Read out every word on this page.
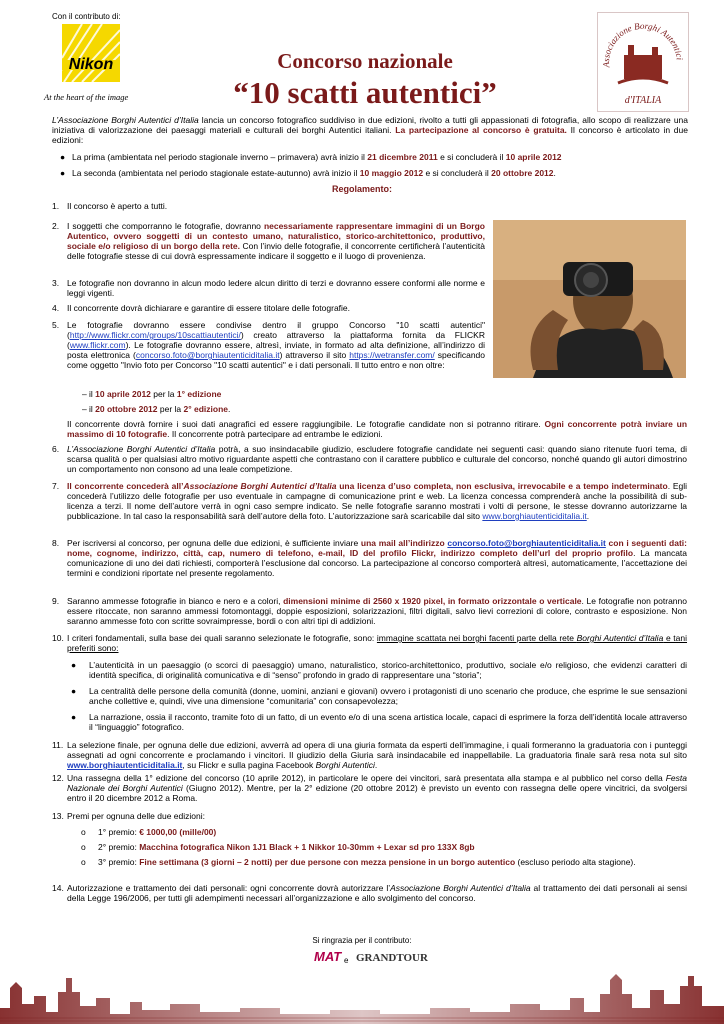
Con il contributo di:
Nikon
At the heart of the image
Concorso nazionale
“10 scatti autentici”
Associazione Borghi Autentici
d'ITALIA
L’Associazione Borghi Autentici d’Italia lancia un concorso fotografico suddiviso in due edizioni, rivolto a tutti gli appassionati di fotografia, allo scopo di realizzare una iniziativa di valorizzazione dei paesaggi materiali e culturali dei borghi Autentici italiani. La partecipazione al concorso è gratuita. Il concorso è articolato in due edizioni:
● La prima (ambientata nel periodo stagionale inverno – primavera) avrà inizio il 21 dicembre 2011 e si concluderà il 10 aprile 2012
● La seconda (ambientata nel periodo stagionale estate-autunno) avrà inizio il 10 maggio 2012 e si concluderà il 20 ottobre 2012.
Regolamento:
1. Il concorso è aperto a tutti.
2. I soggetti che comporranno le fotografie, dovranno necessariamente rappresentare immagini di un Borgo Autentico, ovvero soggetti di un contesto umano, naturalistico, storico-architettonico, produttivo, sociale e/o religioso di un borgo della rete. Con l’invio delle fotografie, il concorrente certificherà l’autenticità delle fotografie stesse di cui dovrà espressamente indicare il soggetto e il luogo di provenienza.
3. Le fotografie non dovranno in alcun modo ledere alcun diritto di terzi e dovranno essere conformi alle norme e leggi vigenti.
4. Il concorrente dovrà dichiarare e garantire di essere titolare delle fotografie.
5. Le fotografie dovranno essere condivise dentro il gruppo Concorso "10 scatti autentici" (http://www.flickr.com/groups/10scattiautentici/) creato attraverso la piattaforma fornita da FLICKR (www.flickr.com). Le fotografie dovranno essere, altresì, inviate, in formato ad alta definizione, all’indirizzo di posta elettronica (concorso.foto@borghiautenticiditalia.it) attraverso il sito https://wetransfer.com/ specificando come oggetto "Invio foto per Concorso "10 scatti autentici" e i dati personali. Il tutto entro e non oltre:
– il 10 aprile 2012 per la 1° edizione
– il 20 ottobre 2012 per la 2° edizione.
Il concorrente dovrà fornire i suoi dati anagrafici ed essere raggiungibile. Le fotografie candidate non si potranno ritirare. Ogni concorrente potrà inviare un massimo di 10 fotografie. Il concorrente potrà partecipare ad entrambe le edizioni.
6. L’Associazione Borghi Autentici d’Italia potrà, a suo insindacabile giudizio, escludere fotografie candidate nei seguenti casi: quando siano ritenute fuori tema, di scarsa qualità o per qualsiasi altro motivo riguardante aspetti che contrastano con il carattere pubblico e culturale del concorso, nonché quando gli autori dimostrino un comportamento non consono ad una leale competizione.
7. Il concorrente concederà all’Associazione Borghi Autentici d’Italia una licenza d’uso completa, non esclusiva, irrevocabile e a tempo indeterminato. Egli concederà l’utilizzo delle fotografie per uso eventuale in campagne di comunicazione print e web. La licenza concessa comprenderà anche la possibilità di sub-licenza a terzi. Il nome dell’autore verrà in ogni caso sempre indicato. Se nelle fotografie saranno mostrati i volti di persone, le stesse dovranno autorizzarne la pubblicazione. In tal caso la responsabilità sarà dell’autore della foto. L’autorizzazione sarà scaricabile dal sito www.borghiautenticiditalia.it.
8. Per iscriversi al concorso, per ognuna delle due edizioni, è sufficiente inviare una mail all’indirizzo concorso.foto@borghiautenticiditalia.it con i seguenti dati: nome, cognome, indirizzo, città, cap, numero di telefono, e-mail, ID del profilo Flickr, indirizzo completo dell’url del proprio profilo. La mancata comunicazione di uno dei dati richiesti, comporterà l’esclusione dal concorso. La partecipazione al concorso comporterà altresì, automaticamente, l’accettazione dei termini e condizioni riportate nel presente regolamento.
9. Saranno ammesse fotografie in bianco e nero e a colori, dimensioni minime di 2560 x 1920 pixel, in formato orizzontale o verticale. Le fotografie non potranno essere ritoccate, non saranno ammessi fotomontaggi, doppie esposizioni, solarizzazioni, filtri digitali, salvo lievi correzioni di colore, contrasto e esposizione. Non saranno ammesse foto con scritte sovraimpresse, bordi o con altri tipi di addizioni.
10. I criteri fondamentali, sulla base dei quali saranno selezionate le fotografie, sono: immagine scattata nei borghi facenti parte della rete Borghi Autentici d’Italia e tani preferiti sono:
● L’autenticità in un paesaggio (o scorci di paesaggio) umano, naturalistico, storico-architettonico, produttivo, sociale e/o religioso, che evidenzi caratteri di identità specifica, di originalità comunicativa e di “senso” profondo in grado di rappresentare una “storia”;
● La centralità delle persone della comunità (donne, uomini, anziani e giovani) ovvero i protagonisti di uno scenario che produce, che esprime le sue sensazioni anche collettive e, quindi, vive una dimensione “comunitaria” con consapevolezza;
● La narrazione, ossia il racconto, tramite foto di un fatto, di un evento e/o di una scena artistica locale, capaci di esprimere la forza dell’identità locale attraverso il “linguaggio” fotografico.
11. La selezione finale, per ognuna delle due edizioni, avverrà ad opera di una giuria formata da esperti dell’immagine, i quali formeranno la graduatoria con i punteggi assegnati ad ogni concorrente e proclamando i vincitori. Il giudizio della Giuria sarà insindacabile ed inappellabile. La graduatoria finale sarà resa nota sul sito www.borghiautenticiditalia.it, su Flickr e sulla pagina Facebook Borghi Autentici.
12. Una rassegna della 1° edizione del concorso (10 aprile 2012), in particolare le opere dei vincitori, sarà presentata alla stampa e al pubblico nel corso della Festa Nazionale dei Borghi Autentici (Giugno 2012). Mentre, per la 2° edizione (20 ottobre 2012) è previsto un evento con rassegna delle opere vincitrici, da svolgersi entro il 20 dicembre 2012 a Roma.
13. Premi per ognuna delle due edizioni:
o 1° premio: € 1000,00 (mille/00)
o 2° premio: Macchina fotografica Nikon 1J1 Black + 1 Nikkor 10-30mm + Lexar sd pro 133X 8gb
o 3° premio: Fine settimana (3 giorni – 2 notti) per due persone con mezza pensione in un borgo autentico (escluso periodo alta stagione).
14. Autorizzazione e trattamento dei dati personali: ogni concorrente dovrà autorizzare l’Associazione Borghi Autentici d’Italia al trattamento dei dati personali ai sensi della Legge 196/2006, per tutti gli adempimenti necessari all’organizzazione e allo svolgimento del concorso.
Si ringrazia per il contributo:
MAT e GRANDTOUR
